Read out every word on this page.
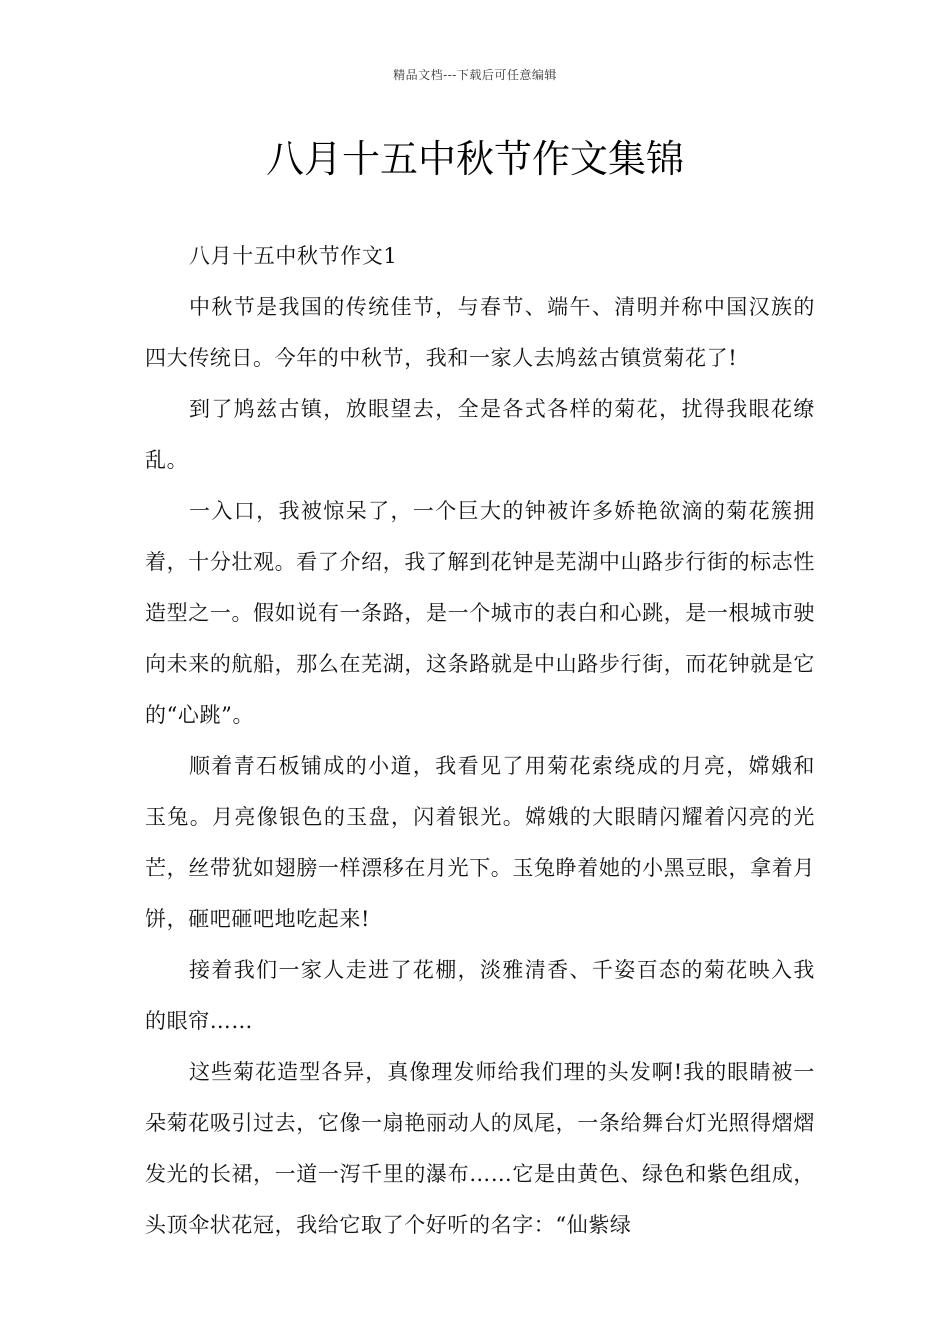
精品文档---下载后可任意编辑
八月十五中秋节作文集锦

八月十五中秋节作文1

中秋节是我国的传统佳节，与春节、端午、清明并称中国汉族的四大传统日。今年的中秋节，我和一家人去鸠兹古镇赏菊花了!

到了鸠兹古镇，放眼望去，全是各式各样的菊花，扰得我眼花缭乱。

一入口，我被惊呆了，一个巨大的钟被许多娇艳欲滴的菊花簇拥着，十分壮观。看了介绍，我了解到花钟是芜湖中山路步行街的标志性造型之一。假如说有一条路，是一个城市的表白和心跳，是一根城市驶向未来的航船，那么在芜湖，这条路就是中山路步行街，而花钟就是它的“心跳”。

顺着青石板铺成的小道，我看见了用菊花索绕成的月亮，嫦娥和玉兔。月亮像银色的玉盘，闪着银光。嫦娥的大眼睛闪耀着闪亮的光芒，丝带犹如翅膀一样漂移在月光下。玉兔睁着她的小黑豆眼，拿着月饼，砸吧砸吧地吃起来!

接着我们一家人走进了花棚，淡雅清香、千姿百态的菊花映入我的眼帘……

这些菊花造型各异，真像理发师给我们理的头发啊!我的眼睛被一朵菊花吸引过去，它像一扇艳丽动人的凤尾，一条给舞台灯光照得熠熠发光的长裙，一道一泻千里的瀑布……它是由黄色、绿色和紫色组成，头顶伞状花冠，我给它取了个好听的名字：“仙紫绿
